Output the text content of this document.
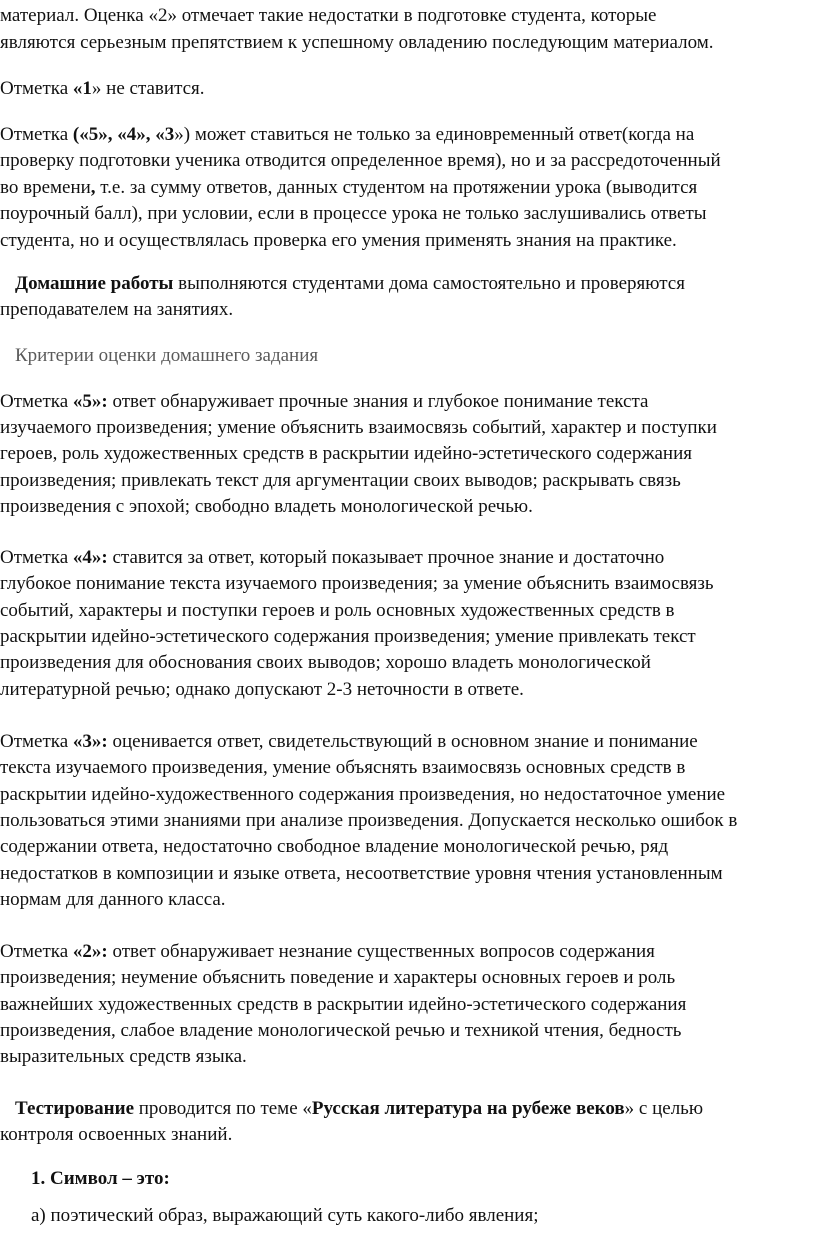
материал. Оценка «2» отмечает такие недостатки в подготовке студента, которые
являются серьезным препятствием к успешному овладению последующим материалом.
Отметка «1» не ставится.
Отметка («5», «4», «3») может ставиться не только за единовременный ответ(когда на
проверку подготовки ученика отводится определенное время), но и за рассредоточенный
во времени, т.е. за сумму ответов, данных студентом на протяжении урока (выводится
поурочный балл), при условии, если в процессе урока не только заслушивались ответы
студента, но и осуществлялась проверка его умения применять знания на практике.
Домашние работы выполняются студентами дома самостоятельно и проверяются
преподавателем на занятиях.
Критерии оценки домашнего задания
Отметка «5»: ответ обнаруживает прочные знания и глубокое понимание текста
изучаемого произведения; умение объяснить взаимосвязь событий, характер и поступки
героев, роль художественных средств в раскрытии идейно-эстетического содержания
произведения; привлекать текст для аргументации своих выводов; раскрывать связь
произведения с эпохой; свободно владеть монологической речью.
Отметка «4»: ставится за ответ, который показывает прочное знание и достаточно
глубокое понимание текста изучаемого произведения; за умение объяснить взаимосвязь
событий, характеры и поступки героев и роль основных художественных средств в
раскрытии идейно-эстетического содержания произведения; умение привлекать текст
произведения для обоснования своих выводов; хорошо владеть монологической
литературной речью; однако допускают 2-3 неточности в ответе.
Отметка «3»: оценивается ответ, свидетельствующий в основном знание и понимание
текста изучаемого произведения, умение объяснять взаимосвязь основных средств в
раскрытии идейно-художественного содержания произведения, но недостаточное умение
пользоваться этими знаниями при анализе произведения. Допускается несколько ошибок в
содержании ответа, недостаточно свободное владение монологической речью, ряд
недостатков в композиции и языке ответа, несоответствие уровня чтения установленным
нормам для данного класса.
Отметка «2»: ответ обнаруживает незнание существенных вопросов содержания
произведения; неумение объяснить поведение и характеры основных героев и роль
важнейших художественных средств в раскрытии идейно-эстетического содержания
произведения, слабое владение монологической речью и техникой чтения, бедность
выразительных средств языка.
Тестирование проводится по теме «Русская литература на рубеже веков» с целью
контроля освоенных знаний.
1. Символ – это:
а) поэтический образ, выражающий суть какого-либо явления;
